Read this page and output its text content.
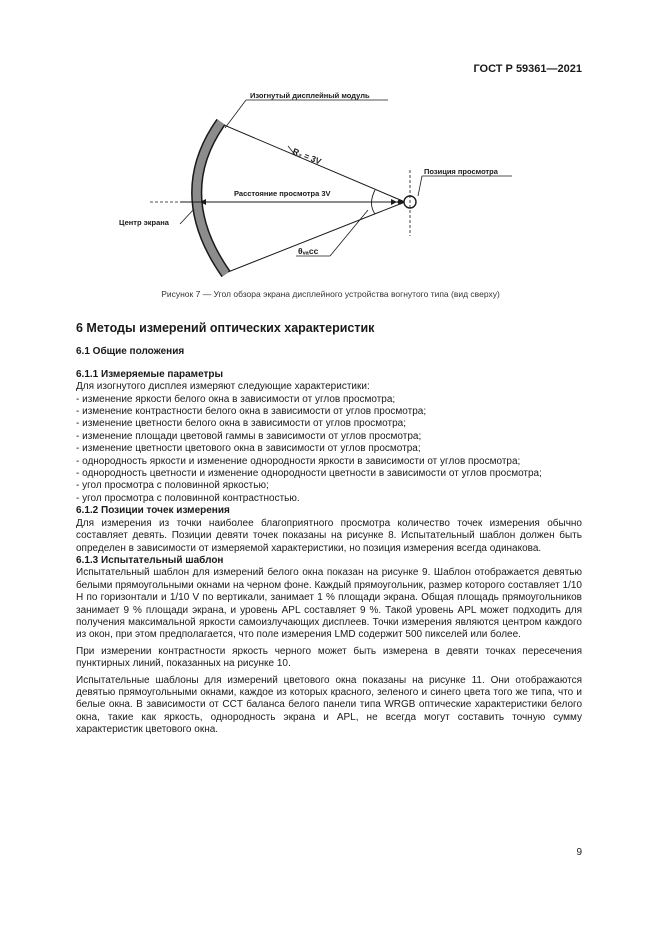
ГОСТ Р 59361—2021
Изогнутый дисплейный модуль
R₂ = 3V
Расстояние просмотра 3V
Позиция просмотра
Центр экрана
θᵥₐcc
Рисунок 7 — Угол обзора экрана дисплейного устройства вогнутого типа (вид сверху)
6 Методы измерений оптических характеристик
6.1 Общие положения
6.1.1 Измеряемые параметры

Для изогнутого дисплея измеряют следующие характеристики:

- изменение яркости белого окна в зависимости от углов просмотра;
- изменение контрастности белого окна в зависимости от углов просмотра;
- изменение цветности белого окна в зависимости от углов просмотра;
- изменение площади цветовой гаммы в зависимости от углов просмотра;
- изменение цветности цветового окна в зависимости от углов просмотра;
- однородность яркости и изменение однородности яркости в зависимости от углов просмотра;
- однородность цветности и изменение однородности цветности в зависимости от углов просмотра;
- угол просмотра с половинной яркостью;
- угол просмотра с половинной контрастностью.
6.1.2 Позиции точек измерения

Для измерения из точки наиболее благоприятного просмотра количество точек измерения обычно составляет девять. Позиции девяти точек показаны на рисунке 8. Испытательный шаблон должен быть определен в зависимости от измеряемой характеристики, но позиция измерения всегда одинакова.

6.1.3 Испытательный шаблон

Испытательный шаблон для измерений белого окна показан на рисунке 9. Шаблон отображается девятью белыми прямоугольными окнами на черном фоне. Каждый прямоугольник, размер которого составляет 1/10 H по горизонтали и 1/10 V по вертикали, занимает 1 % площади экрана. Общая площадь прямоугольников занимает 9 % площади экрана, и уровень APL составляет 9 %. Такой уровень APL может подходить для получения максимальной яркости самоизлучающих дисплеев. Точки измерения являются центром каждого из окон, при этом предполагается, что поле измерения LMD содержит 500 пикселей или более.

При измерении контрастности яркость черного может быть измерена в девяти точках пересечения пунктирных линий, показанных на рисунке 10.

Испытательные шаблоны для измерений цветового окна показаны на рисунке 11. Они отображаются девятью прямоугольными окнами, каждое из которых красного, зеленого и синего цвета того же типа, что и белые окна. В зависимости от CCT баланса белого панели типа WRGB оптические характеристики белого окна, такие как яркость, однородность экрана и APL, не всегда могут составить точную сумму характеристик цветового окна.

9
